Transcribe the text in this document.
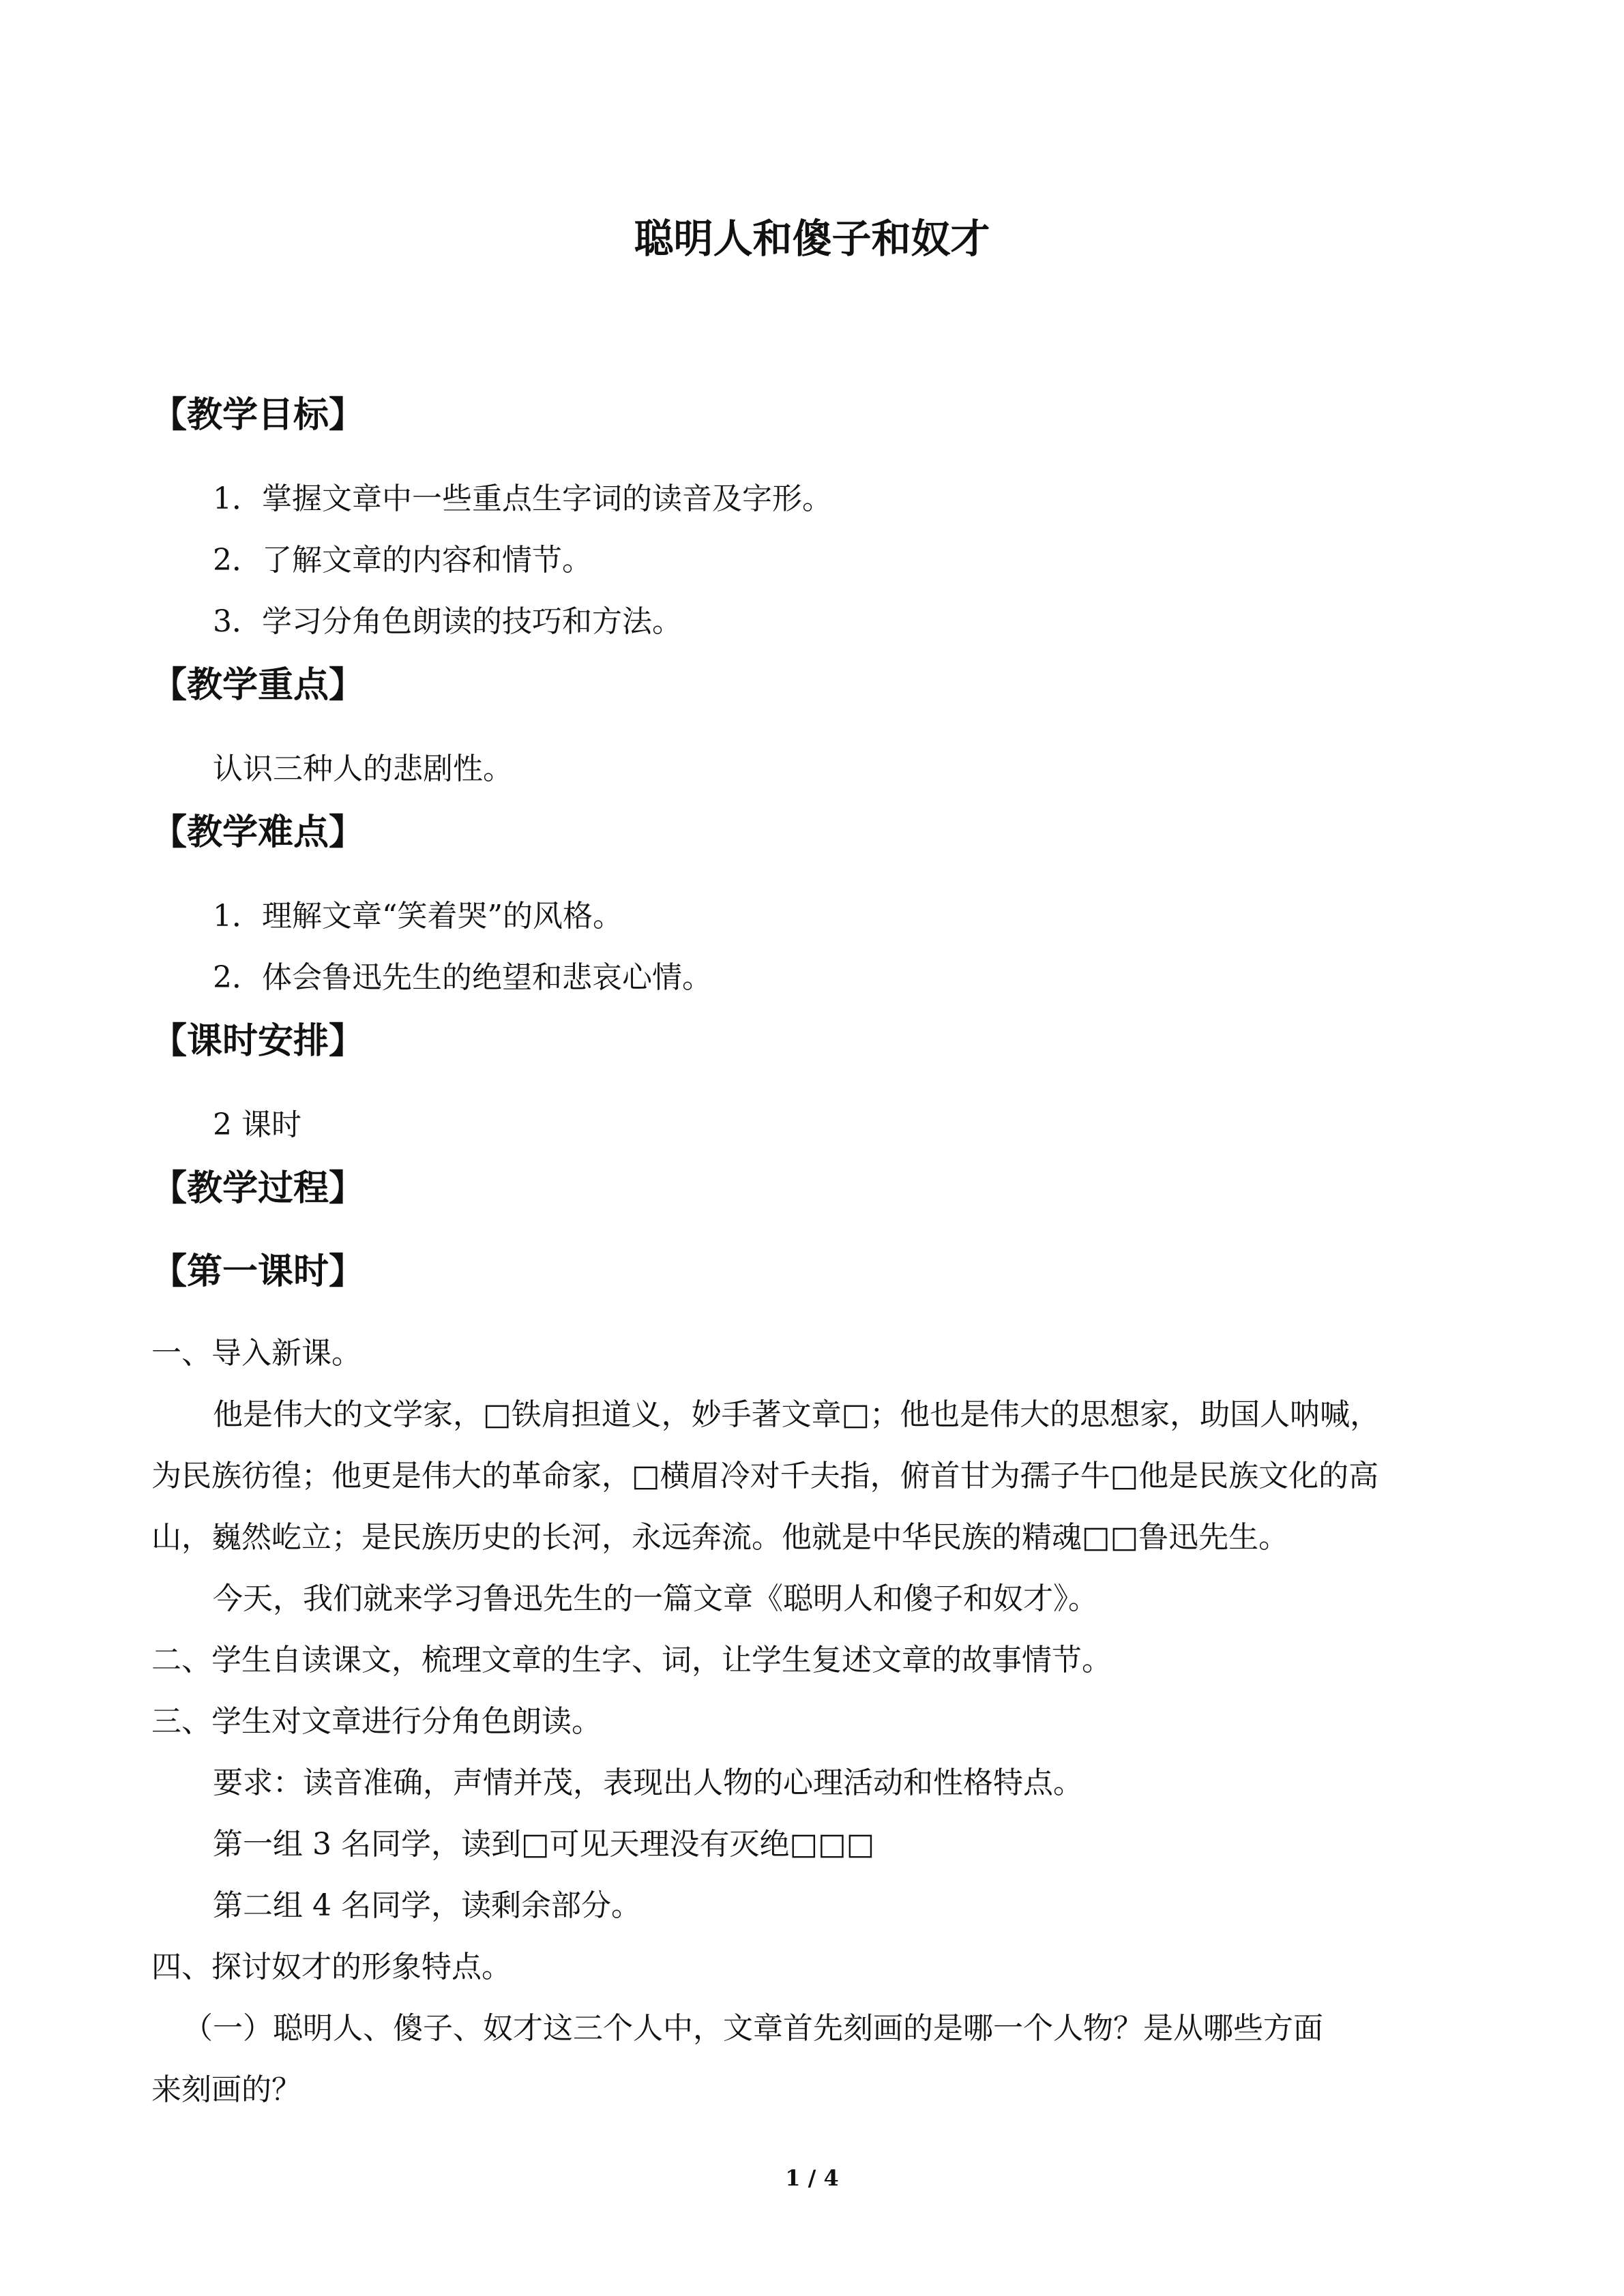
聪明人和傻子和奴才
【教学目标】
1．掌握文章中一些重点生字词的读音及字形。
2．了解文章的内容和情节。
3．学习分角色朗读的技巧和方法。
【教学重点】
认识三种人的悲剧性。
【教学难点】
1．理解文章“笑着哭”的风格。
2．体会鲁迅先生的绝望和悲哀心情。
【课时安排】
2 课时
【教学过程】
【第一课时】
一、导入新课。
他是伟大的文学家，□铁肩担道义，妙手著文章□；他也是伟大的思想家，助国人呐喊，
为民族彷徨；他更是伟大的革命家，□横眉冷对千夫指，俯首甘为孺子牛□他是民族文化的高
山，巍然屹立；是民族历史的长河，永远奔流。他就是中华民族的精魂□□鲁迅先生。
今天，我们就来学习鲁迅先生的一篇文章《聪明人和傻子和奴才》。
二、学生自读课文，梳理文章的生字、词，让学生复述文章的故事情节。
三、学生对文章进行分角色朗读。
要求：读音准确，声情并茂，表现出人物的心理活动和性格特点。
第一组 3 名同学，读到□可见天理没有灭绝□□□
第二组 4 名同学，读剩余部分。
四、探讨奴才的形象特点。
（一）聪明人、傻子、奴才这三个人中，文章首先刻画的是哪一个人物？是从哪些方面
来刻画的？
1 / 4
